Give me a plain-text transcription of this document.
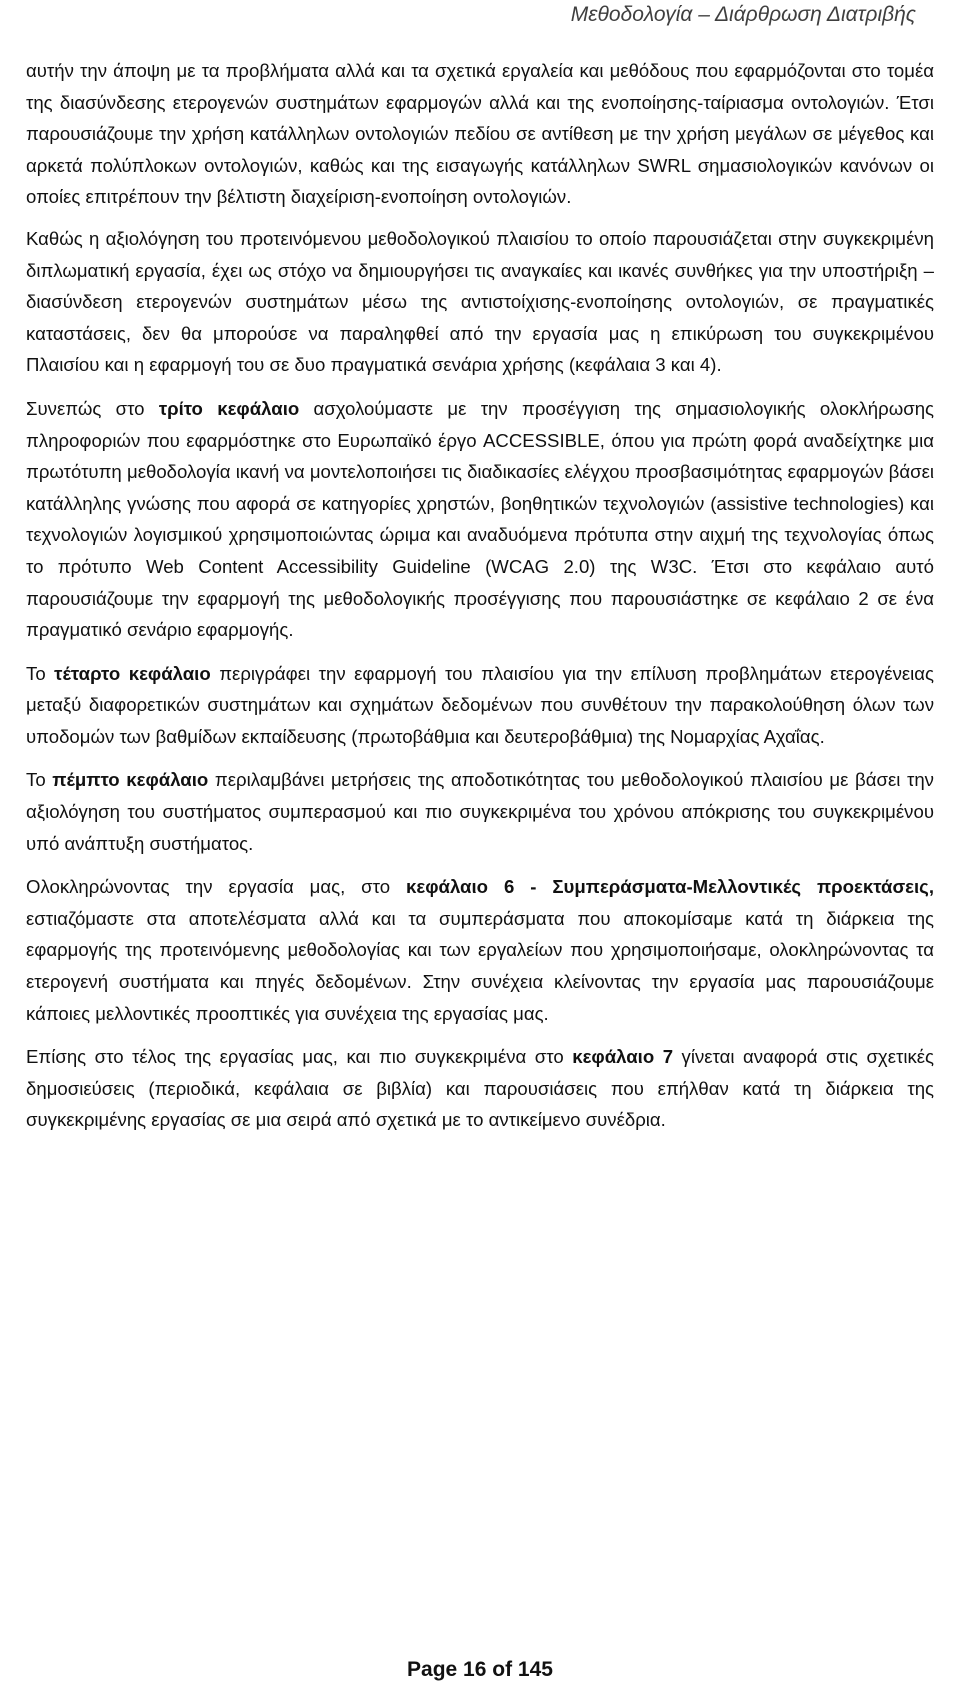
Μεθοδολογία – Διάρθρωση Διατριβής

αυτήν την άποψη με τα προβλήματα αλλά και τα σχετικά εργαλεία και μεθόδους που εφαρμόζονται στο τομέα της διασύνδεσης ετερογενών συστημάτων εφαρμογών αλλά και της ενοποίησης-ταίριασμα οντολογιών. Έτσι παρουσιάζουμε την χρήση κατάλληλων οντολογιών πεδίου σε αντίθεση με την χρήση μεγάλων σε μέγεθος και αρκετά πολύπλοκων οντολογιών, καθώς και της εισαγωγής κατάλληλων SWRL σημασιολογικών κανόνων οι οποίες επιτρέπουν την βέλτιστη διαχείριση-ενοποίηση οντολογιών.

Καθώς η αξιολόγηση του προτεινόμενου μεθοδολογικού πλαισίου το οποίο παρουσιάζεται στην συγκεκριμένη διπλωματική εργασία, έχει ως στόχο να δημιουργήσει τις αναγκαίες και ικανές συνθήκες για την υποστήριξη – διασύνδεση ετερογενών συστημάτων μέσω της αντιστοίχισης-ενοποίησης οντολογιών, σε πραγματικές καταστάσεις, δεν θα μπορούσε να παραληφθεί από την εργασία μας η επικύρωση του συγκεκριμένου Πλαισίου και η εφαρμογή του σε δυο πραγματικά σενάρια χρήσης (κεφάλαια 3 και 4).

Συνεπώς στο τρίτο κεφάλαιο ασχολούμαστε με την προσέγγιση της σημασιολογικής ολοκλήρωσης πληροφοριών που εφαρμόστηκε στο Ευρωπαϊκό έργο ACCESSIBLE, όπου για πρώτη φορά αναδείχτηκε μια πρωτότυπη μεθοδολογία ικανή να μοντελοποιήσει τις διαδικασίες ελέγχου προσβασιμότητας εφαρμογών βάσει κατάλληλης γνώσης που αφορά σε κατηγορίες χρηστών, βοηθητικών τεχνολογιών (assistive technologies) και τεχνολογιών λογισμικού χρησιμοποιώντας ώριμα και αναδυόμενα πρότυπα στην αιχμή της τεχνολογίας όπως το πρότυπο Web Content Accessibility Guideline (WCAG 2.0) της W3C. Έτσι στο κεφάλαιο αυτό παρουσιάζουμε την εφαρμογή της μεθοδολογικής προσέγγισης που παρουσιάστηκε σε κεφάλαιο 2 σε ένα πραγματικό σενάριο εφαρμογής.

Το τέταρτο κεφάλαιο περιγράφει την εφαρμογή του πλαισίου για την επίλυση προβλημάτων ετερογένειας μεταξύ διαφορετικών συστημάτων και σχημάτων δεδομένων που συνθέτουν την παρακολούθηση όλων των υποδομών των βαθμίδων εκπαίδευσης (πρωτοβάθμια και δευτεροβάθμια) της Νομαρχίας Αχαΐας.

Το πέμπτο κεφάλαιο περιλαμβάνει μετρήσεις της αποδοτικότητας του μεθοδολογικού πλαισίου με βάσει την αξιολόγηση του συστήματος συμπερασμού και πιο συγκεκριμένα του χρόνου απόκρισης του συγκεκριμένου υπό ανάπτυξη συστήματος.

Ολοκληρώνοντας την εργασία μας, στο κεφάλαιο 6 - Συμπεράσματα-Μελλοντικές προεκτάσεις, εστιαζόμαστε στα αποτελέσματα αλλά και τα συμπεράσματα που αποκομίσαμε κατά τη διάρκεια της εφαρμογής της προτεινόμενης μεθοδολογίας και των εργαλείων που χρησιμοποιήσαμε, ολοκληρώνοντας τα ετερογενή συστήματα και πηγές δεδομένων. Στην συνέχεια κλείνοντας την εργασία μας παρουσιάζουμε κάποιες μελλοντικές προοπτικές για συνέχεια της εργασίας μας.

Επίσης στο τέλος της εργασίας μας, και πιο συγκεκριμένα στο κεφάλαιο 7 γίνεται αναφορά στις σχετικές δημοσιεύσεις (περιοδικά, κεφάλαια σε βιβλία) και παρουσιάσεις που επήλθαν κατά τη διάρκεια της συγκεκριμένης εργασίας σε μια σειρά από σχετικά με το αντικείμενο συνέδρια.

Page 16 of 145
